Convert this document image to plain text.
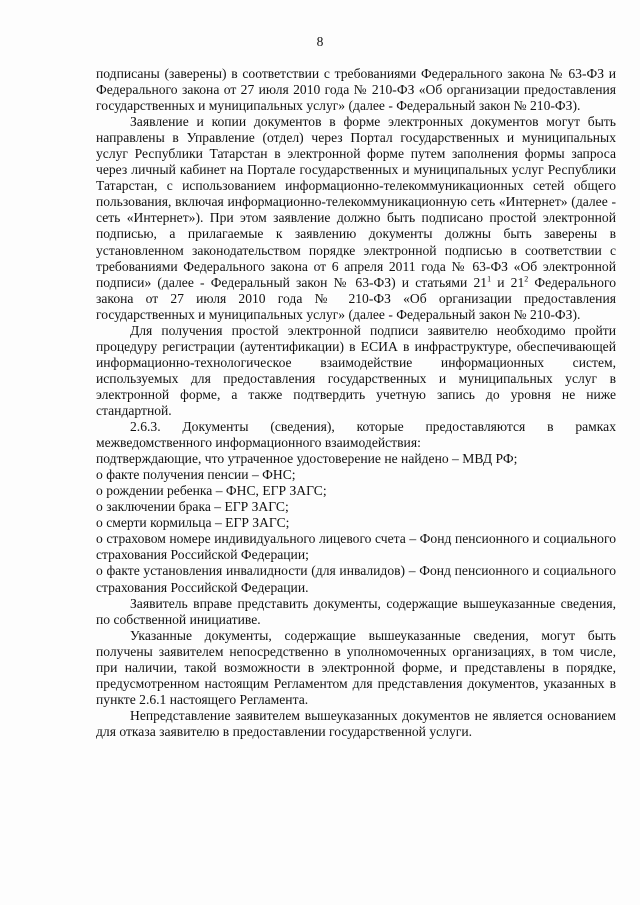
8

подписаны (заверены) в соответствии с требованиями Федерального закона № 63-ФЗ и Федерального закона от 27 июля 2010 года № 210-ФЗ «Об организации предоставления государственных и муниципальных услуг» (далее - Федеральный закон № 210-ФЗ).

Заявление и копии документов в форме электронных документов могут быть направлены в Управление (отдел) через Портал государственных и муниципальных услуг Республики Татарстан в электронной форме путем заполнения формы запроса через личный кабинет на Портале государственных и муниципальных услуг Республики Татарстан, с использованием информационно-телекоммуникационных сетей общего пользования, включая информационно-телекоммуникационную сеть «Интернет» (далее - сеть «Интернет»). При этом заявление должно быть подписано простой электронной подписью, а прилагаемые к заявлению документы должны быть заверены в установленном законодательством порядке электронной подписью в соответствии с требованиями Федерального закона от 6 апреля 2011 года № 63-ФЗ «Об электронной подписи» (далее - Федеральный закон № 63-ФЗ) и статьями $21^1$ и $21^2$ Федерального закона от 27 июля 2010 года № 210-ФЗ «Об организации предоставления государственных и муниципальных услуг» (далее - Федеральный закон № 210-ФЗ).

Для получения простой электронной подписи заявителю необходимо пройти процедуру регистрации (аутентификации) в ЕСИА в инфраструктуре, обеспечивающей информационно-технологическое взаимодействие информационных систем, используемых для предоставления государственных и муниципальных услуг в электронной форме, а также подтвердить учетную запись до уровня не ниже стандартной.

2.6.3. Документы (сведения), которые предоставляются в рамках межведомственного информационного взаимодействия:

подтверждающие, что утраченное удостоверение не найдено – МВД РФ;

о факте получения пенсии – ФНС;

о рождении ребенка – ФНС, ЕГР ЗАГС;

о заключении брака – ЕГР ЗАГС;

о смерти кормильца – ЕГР ЗАГС;

о страховом номере индивидуального лицевого счета – Фонд пенсионного и социального страхования Российской Федерации;

о факте установления инвалидности (для инвалидов) – Фонд пенсионного и социального страхования Российской Федерации.

Заявитель вправе представить документы, содержащие вышеуказанные сведения, по собственной инициативе.

Указанные документы, содержащие вышеуказанные сведения, могут быть получены заявителем непосредственно в уполномоченных организациях, в том числе, при наличии, такой возможности в электронной форме, и представлены в порядке, предусмотренном настоящим Регламентом для представления документов, указанных в пункте 2.6.1 настоящего Регламента.

Непредставление заявителем вышеуказанных документов не является основанием для отказа заявителю в предоставлении государственной услуги.
